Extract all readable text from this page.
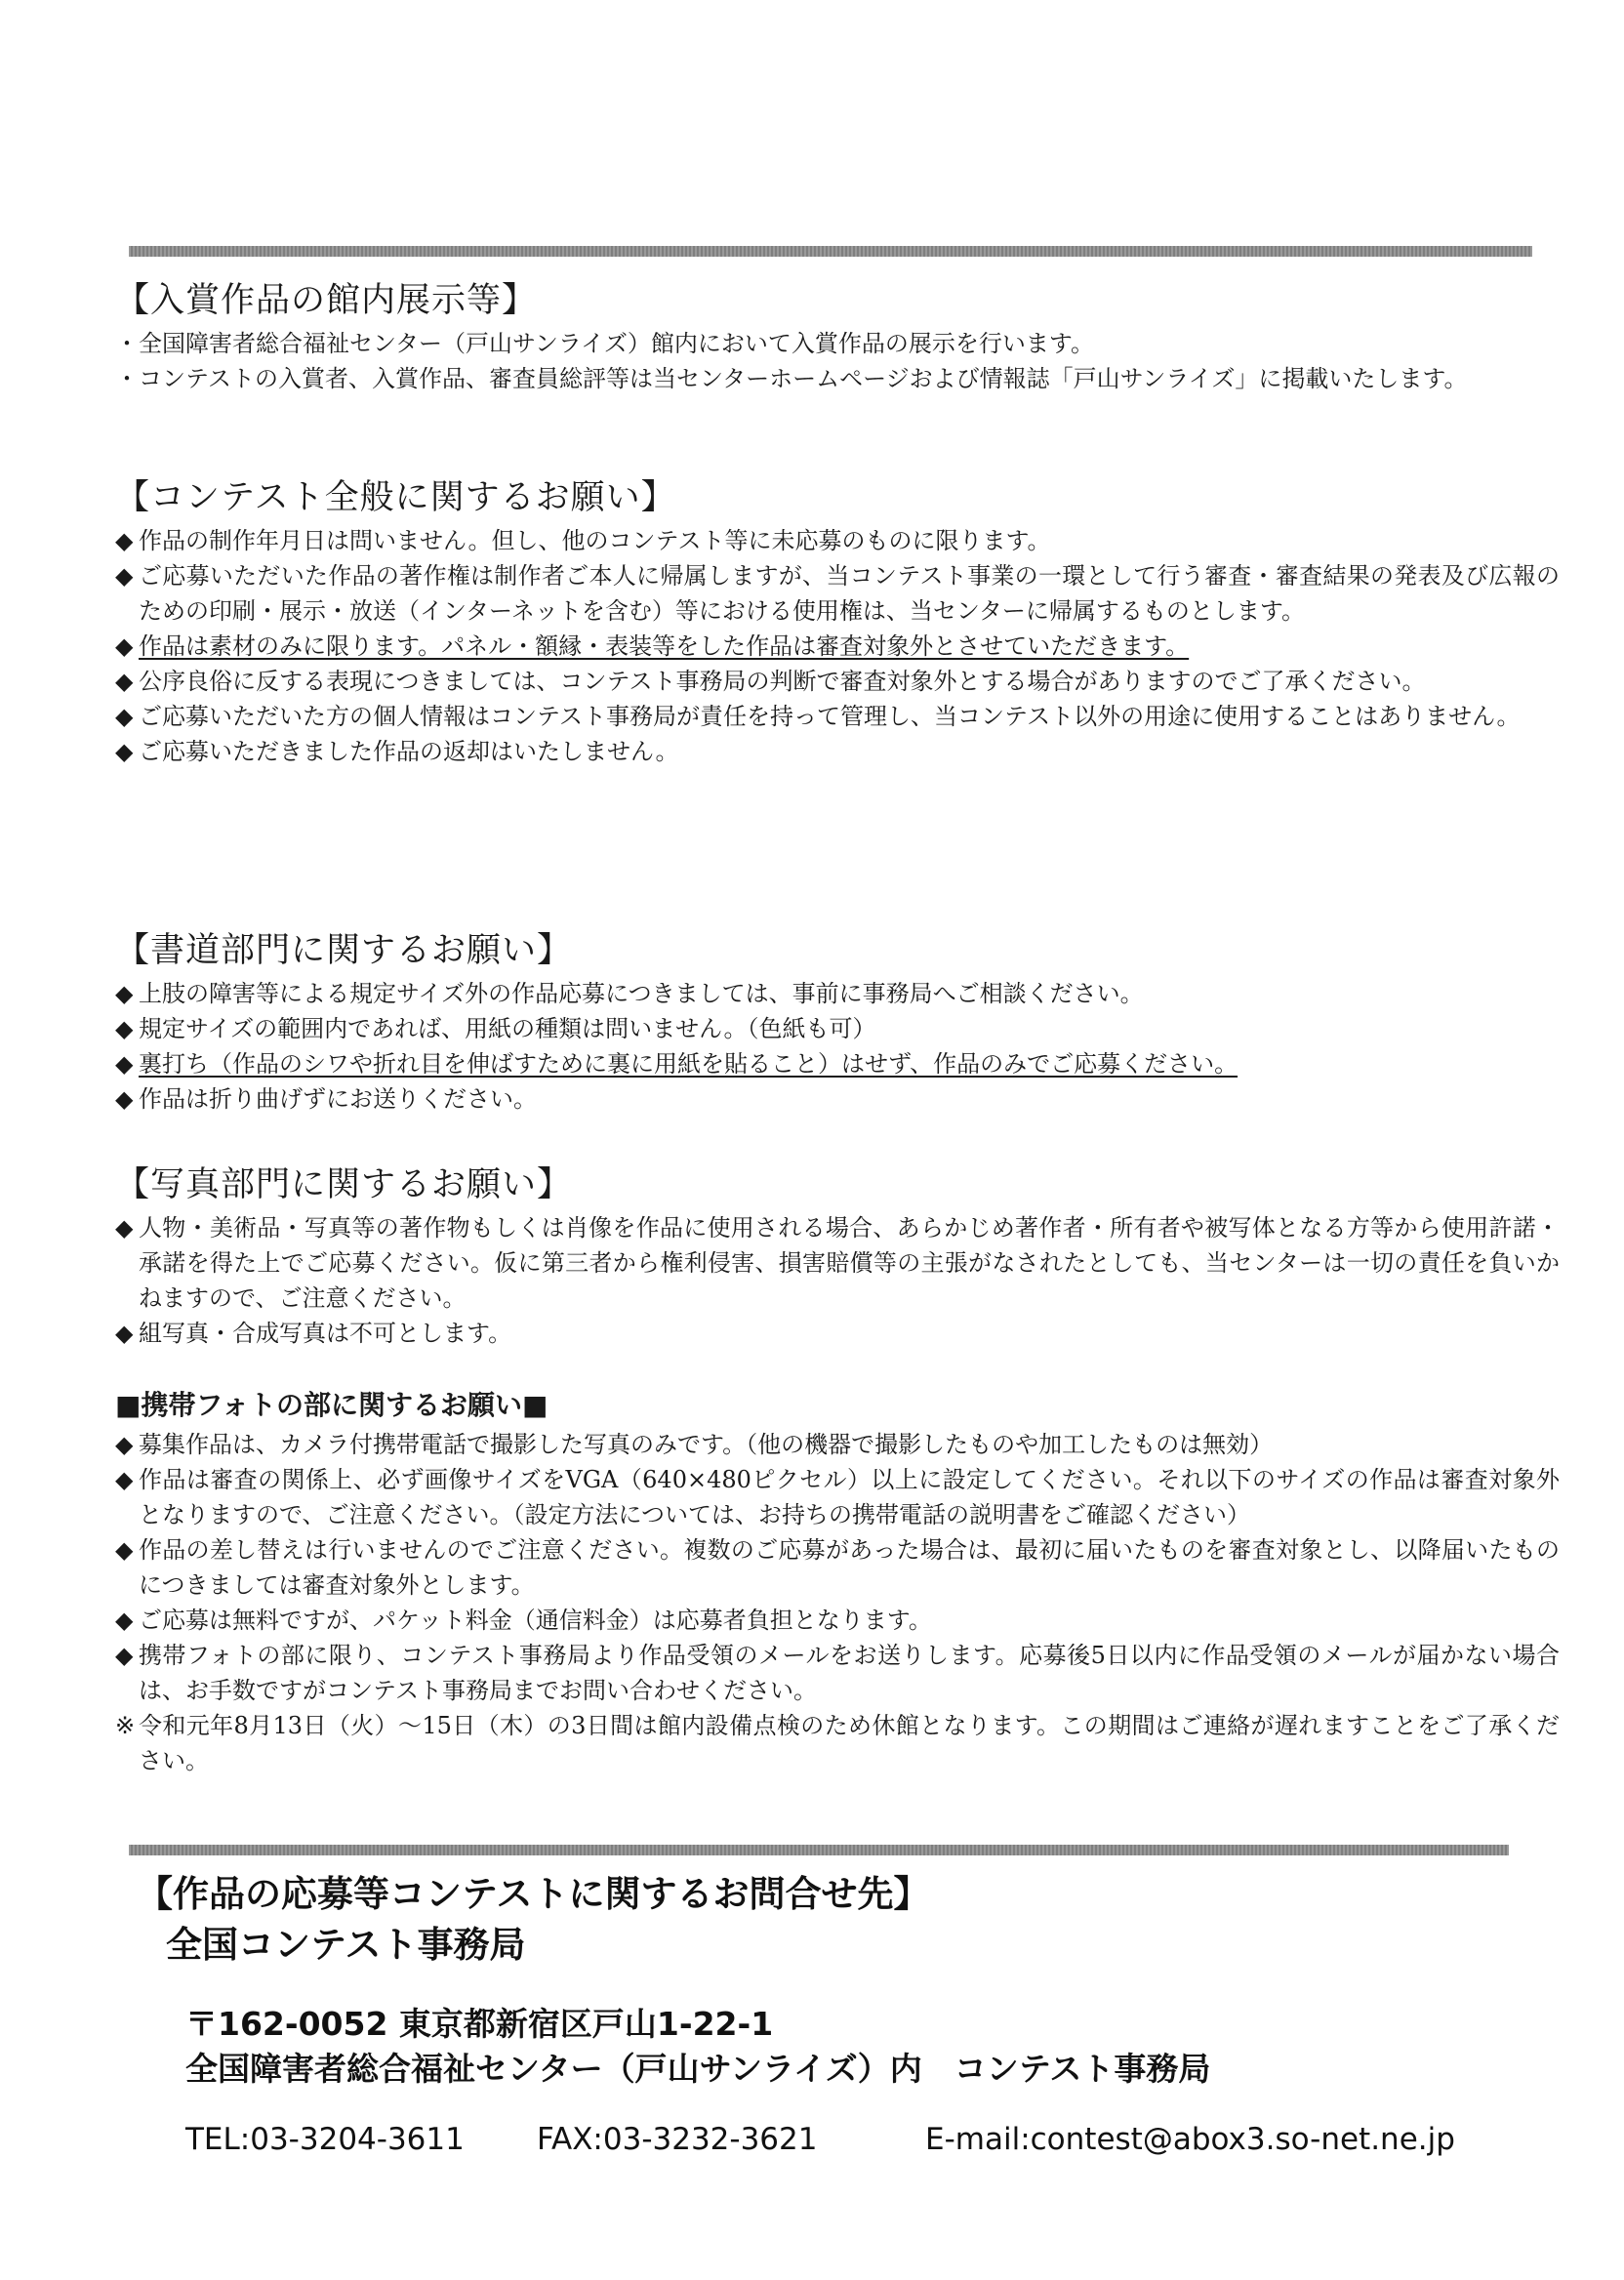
【入賞作品の館内展示等】
・ 全国障害者総合福祉センター（戸山サンライズ）館内において入賞作品の展示を行います。
・ コンテストの入賞者、入賞作品、審査員総評等は当センターホームページおよび情報誌「戸山サンライズ」に掲載いたします。
【コンテスト全般に関するお願い】
◆ 作品の制作年月日は問いません。但し、他のコンテスト等に未応募のものに限ります。
◆ ご応募いただいた作品の著作権は制作者ご本人に帰属しますが、当コンテスト事業の一環として行う審査・審査結果の発表及び広報のための印刷・展示・放送（インターネットを含む）等における使用権は、当センターに帰属するものとします。
◆ 作品は素材のみに限ります。パネル・額縁・表装等をした作品は審査対象外とさせていただきます。
◆ 公序良俗に反する表現につきましては、コンテスト事務局の判断で審査対象外とする場合がありますのでご了承ください。
◆ ご応募いただいた方の個人情報はコンテスト事務局が責任を持って管理し、当コンテスト以外の用途に使用することはありません。
◆ ご応募いただきました作品の返却はいたしません。
【書道部門に関するお願い】
◆ 上肢の障害等による規定サイズ外の作品応募につきましては、事前に事務局へご相談ください。
◆ 規定サイズの範囲内であれば、用紙の種類は問いません。（色紙も可）
◆ 裏打ち（作品のシワや折れ目を伸ばすために裏に用紙を貼ること）はせず、作品のみでご応募ください。
◆ 作品は折り曲げずにお送りください。
【写真部門に関するお願い】
◆ 人物・美術品・写真等の著作物もしくは肖像を作品に使用される場合、あらかじめ著作者・所有者や被写体となる方等から使用許諾・承諾を得た上でご応募ください。仮に第三者から権利侵害、損害賠償等の主張がなされたとしても、当センターは一切の責任を負いかねますので、ご注意ください。
◆ 組写真・合成写真は不可とします。
■携帯フォトの部に関するお願い■
◆ 募集作品は、カメラ付携帯電話で撮影した写真のみです。（他の機器で撮影したものや加工したものは無効）
◆ 作品は審査の関係上、必ず画像サイズをVGA（640×480ピクセル）以上に設定してください。それ以下のサイズの作品は審査対象外となりますので、ご注意ください。（設定方法については、お持ちの携帯電話の説明書をご確認ください）
◆ 作品の差し替えは行いませんのでご注意ください。複数のご応募があった場合は、最初に届いたものを審査対象とし、以降届いたものにつきましては審査対象外とします。
◆ ご応募は無料ですが、パケット料金（通信料金）は応募者負担となります。
◆ 携帯フォトの部に限り、コンテスト事務局より作品受領のメールをお送りします。応募後5日以内に作品受領のメールが届かない場合は、お手数ですがコンテスト事務局までお問い合わせください。
※ 令和元年8月13日（火）～15日（木）の3日間は館内設備点検のため休館となります。この期間はご連絡が遅れますことをご了承ください。
【作品の応募等コンテストに関するお問合せ先】
全国コンテスト事務局
〒162-0052 東京都新宿区戸山1-22-1
全国障害者総合福祉センター（戸山サンライズ）内　コンテスト事務局
TEL:03-3204-3611 FAX:03-3232-3621	E-mail:contest@abox3.so-net.ne.jp
